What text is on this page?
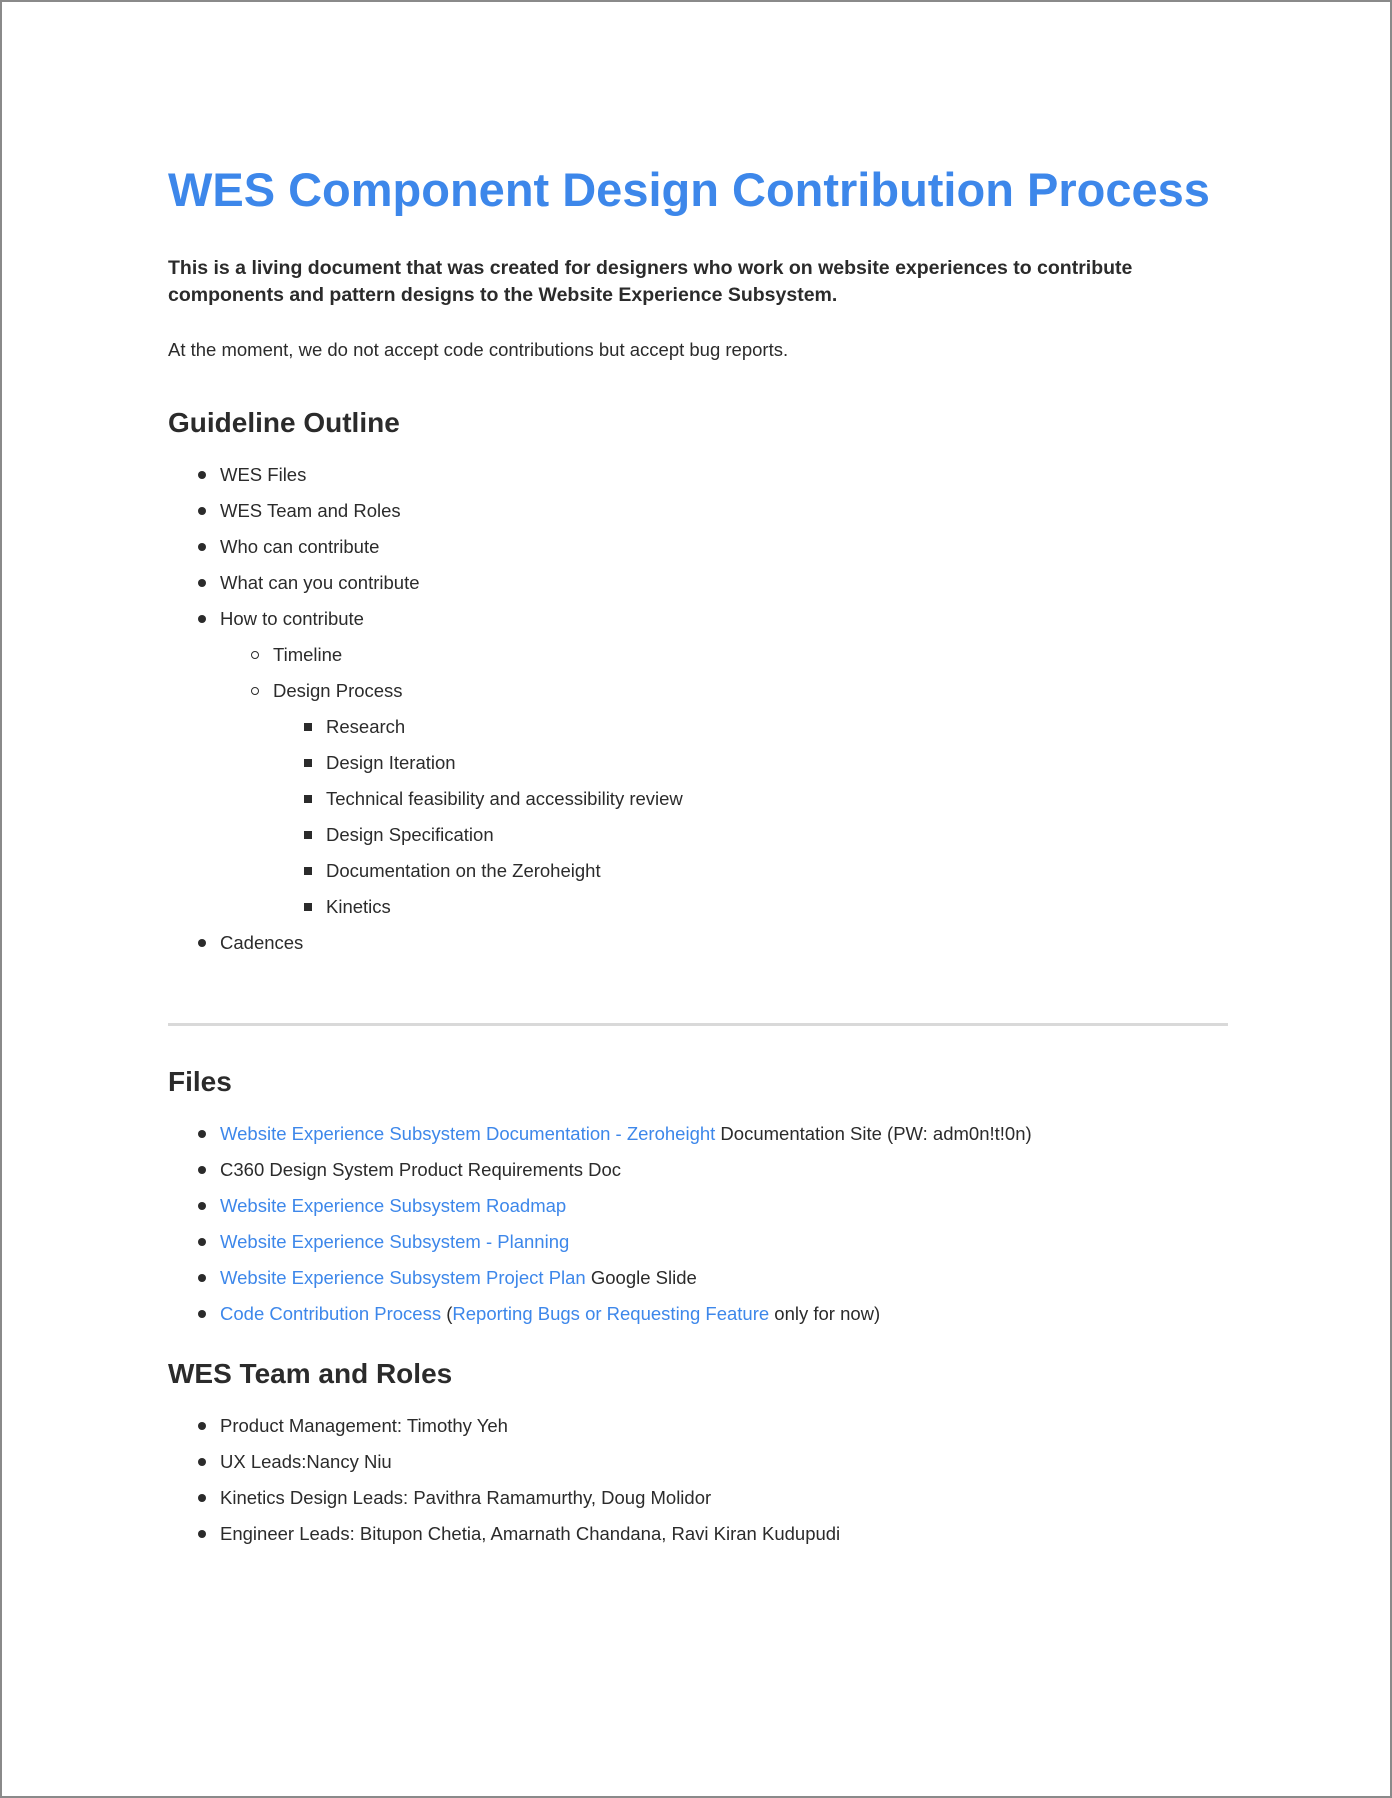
WES Component Design Contribution Process

This is a living document that was created for designers who work on website experiences to contribute components and pattern designs to the Website Experience Subsystem.

At the moment, we do not accept code contributions but accept bug reports.

Guideline Outline
WES Files
WES Team and Roles
Who can contribute
What can you contribute
How to contribute
Timeline
Design Process
Research
Design Iteration
Technical feasibility and accessibility review
Design Specification
Documentation on the Zeroheight
Kinetics
Cadences
Files
Website Experience Subsystem Documentation - Zeroheight Documentation Site (PW: adm0n!t!0n)
C360 Design System Product Requirements Doc
Website Experience Subsystem Roadmap
Website Experience Subsystem - Planning
Website Experience Subsystem Project Plan Google Slide
Code Contribution Process (Reporting Bugs or Requesting Feature only for now)
WES Team and Roles
Product Management: Timothy Yeh
UX Leads:Nancy Niu
Kinetics Design Leads: Pavithra Ramamurthy, Doug Molidor
Engineer Leads: Bitupon Chetia, Amarnath Chandana, Ravi Kiran Kudupudi
